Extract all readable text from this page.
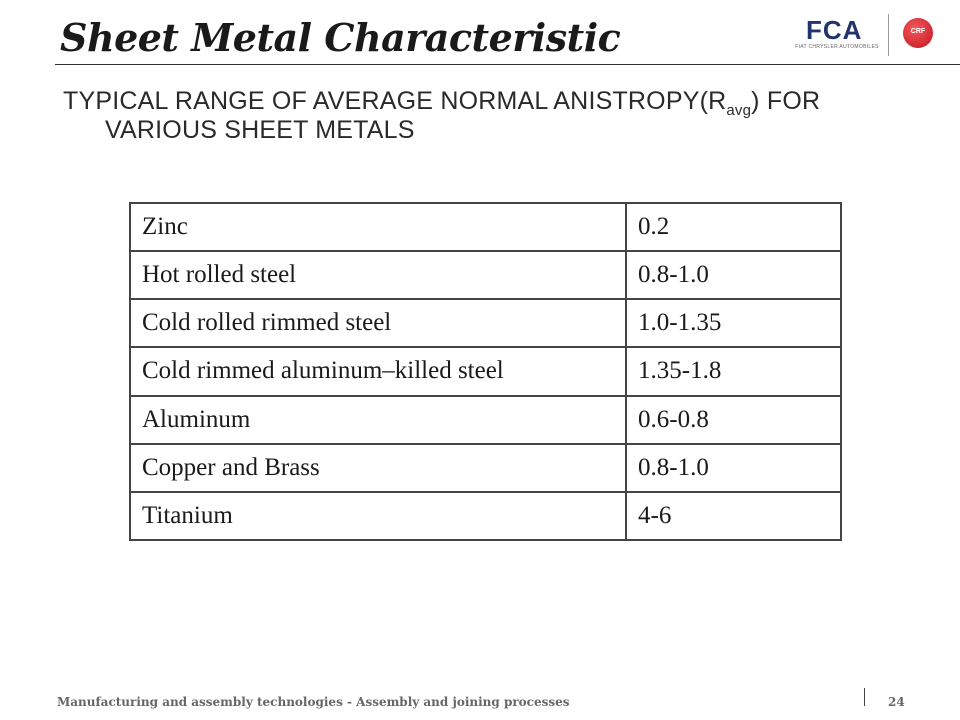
Sheet Metal Characteristic	FCA
FIAT CHRYSLER AUTOMOBILES
CRF
TYPICAL RANGE OF AVERAGE NORMAL $ANISTROPY(R_{avg})$ FOR
VARIOUS SHEET METALS
Zinc	0.2
Hot rolled steel	0.8-1.0
Cold rolled rimmed steel	1.0-1.35
Cold rimmed aluminum–killed steel	1.35-1.8
Aluminum	0.6-0.8
Copper and Brass	0.8-1.0
Titanium	4-6
Manufacturing and assembly technologies - Assembly and joining processes	24
